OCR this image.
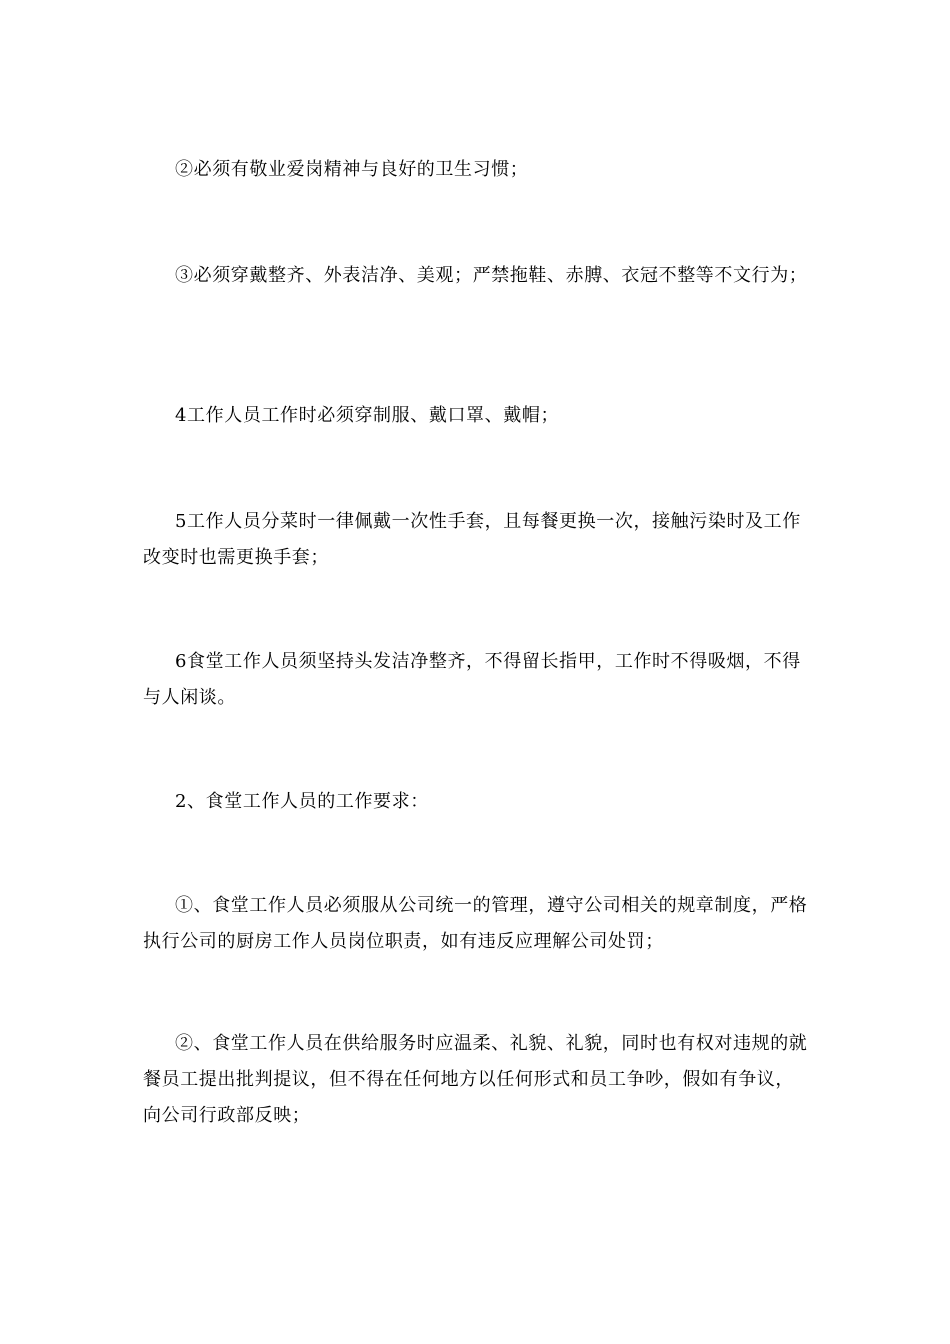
②必须有敬业爱岗精神与良好的卫生习惯；

③必须穿戴整齐、外表洁净、美观；严禁拖鞋、赤膊、衣冠不整等不文行为；

4工作人员工作时必须穿制服、戴口罩、戴帽；

5工作人员分菜时一律佩戴一次性手套，且每餐更换一次，接触污染时及工作改变时也需更换手套；

6食堂工作人员须坚持头发洁净整齐，不得留长指甲，工作时不得吸烟，不得与人闲谈。

2、食堂工作人员的工作要求：

①、食堂工作人员必须服从公司统一的管理，遵守公司相关的规章制度，严格执行公司的厨房工作人员岗位职责，如有违反应理解公司处罚；

②、食堂工作人员在供给服务时应温柔、礼貌、礼貌，同时也有权对违规的就餐员工提出批判提议，但不得在任何地方以任何形式和员工争吵，假如有争议，向公司行政部反映；
